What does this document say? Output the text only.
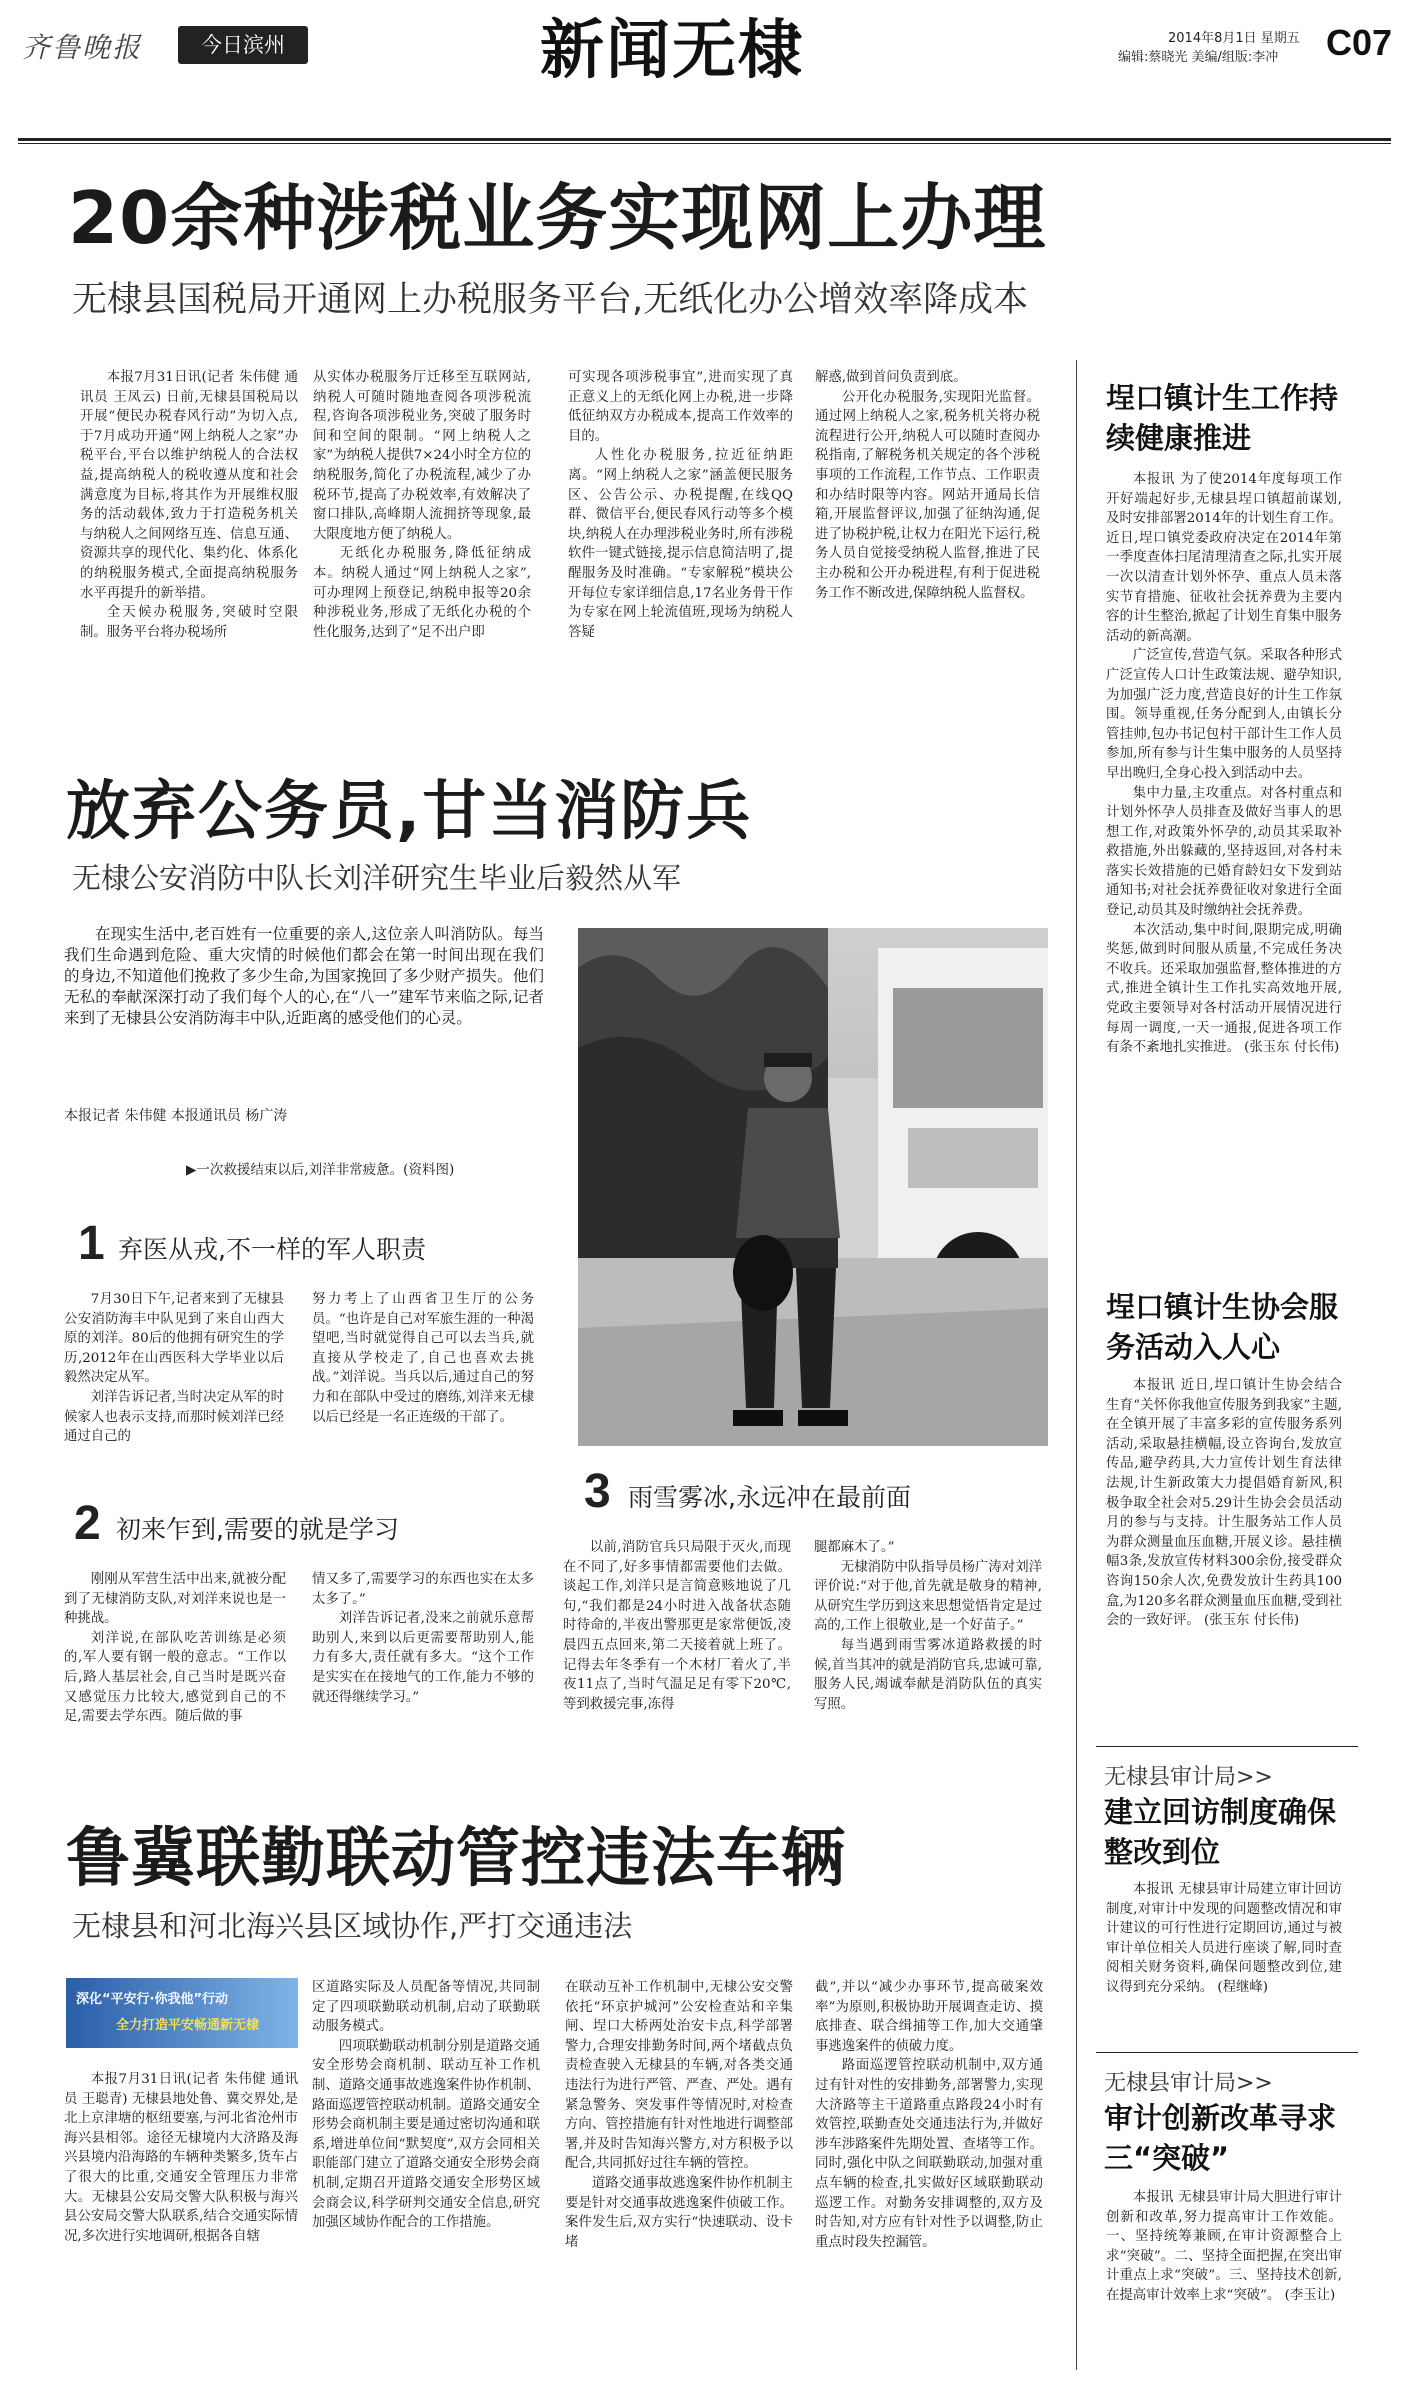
齐鲁晚报	今日滨州	新闻无棣	2014年8月1日 星期五
编辑:蔡晓光 美编/组版:李冲 C07
20余种涉税业务实现网上办理
无棣县国税局开通网上办税服务平台,无纸化办公增效率降成本

本报7月31日讯(记者 朱伟健 通讯员 王凤云) 日前,无棣县国税局以开展“便民办税春风行动”为切入点,于7月成功开通“网上纳税人之家”办税平台,平台以维护纳税人的合法权益,提高纳税人的税收遵从度和社会满意度为目标,将其作为开展维权服务的活动载体,致力于打造税务机关与纳税人之间网络互连、信息互通、资源共享的现代化、集约化、体系化的纳税服务模式,全面提高纳税服务水平再提升的新举措。

全天候办税服务,突破时空限制。服务平台将办税场所

从实体办税服务厅迁移至互联网站,纳税人可随时随地查阅各项涉税流程,咨询各项涉税业务,突破了服务时间和空间的限制。“网上纳税人之家”为纳税人提供7×24小时全方位的纳税服务,简化了办税流程,减少了办税环节,提高了办税效率,有效解决了窗口排队,高峰期人流拥挤等现象,最大限度地方便了纳税人。

无纸化办税服务,降低征纳成本。纳税人通过“网上纳税人之家”,可办理网上预登记,纳税申报等20余种涉税业务,形成了无纸化办税的个性化服务,达到了“足不出户即

可实现各项涉税事宜”,进而实现了真正意义上的无纸化网上办税,进一步降低征纳双方办税成本,提高工作效率的目的。

人性化办税服务,拉近征纳距离。“网上纳税人之家”涵盖便民服务区、公告公示、办税提醒,在线QQ群、微信平台,便民春风行动等多个模块,纳税人在办理涉税业务时,所有涉税软件一键式链接,提示信息简洁明了,提醒服务及时准确。“专家解税”模块公开每位专家详细信息,17名业务骨干作为专家在网上轮流值班,现场为纳税人答疑

解惑,做到首问负责到底。

公开化办税服务,实现阳光监督。通过网上纳税人之家,税务机关将办税流程进行公开,纳税人可以随时查阅办税指南,了解税务机关规定的各个涉税事项的工作流程,工作节点、工作职责和办结时限等内容。网站开通局长信箱,开展监督评议,加强了征纳沟通,促进了协税护税,让权力在阳光下运行,税务人员自觉接受纳税人监督,推进了民主办税和公开办税进程,有利于促进税务工作不断改进,保障纳税人监督权。

放弃公务员,甘当消防兵
无棣公安消防中队长刘洋研究生毕业后毅然从军

在现实生活中,老百姓有一位重要的亲人,这位亲人叫消防队。每当我们生命遇到危险、重大灾情的时候他们都会在第一时间出现在我们的身边,不知道他们挽救了多少生命,为国家挽回了多少财产损失。他们无私的奉献深深打动了我们每个人的心,在“八一”建军节来临之际,记者来到了无棣县公安消防海丰中队,近距离的感受他们的心灵。

本报记者 朱伟健 本报通讯员 杨广涛
▶一次救援结束以后,刘洋非常疲惫。(资料图)
1 弃医从戎,不一样的军人职责

7月30日下午,记者来到了无棣县公安消防海丰中队见到了来自山西大原的刘洋。80后的他拥有研究生的学历,2012年在山西医科大学毕业以后毅然决定从军。

刘洋告诉记者,当时决定从军的时候家人也表示支持,而那时候刘洋已经通过自己的

努力考上了山西省卫生厅的公务员。“也许是自己对军旅生涯的一种渴望吧,当时就觉得自己可以去当兵,就直接从学校走了,自己也喜欢去挑战。”刘洋说。当兵以后,通过自己的努力和在部队中受过的磨练,刘洋来无棣以后已经是一名正连级的干部了。

2 初来乍到,需要的就是学习

刚刚从军营生活中出来,就被分配到了无棣消防支队,对刘洋来说也是一种挑战。

刘洋说,在部队吃苦训练是必须的,军人要有钢一般的意志。“工作以后,路人基层社会,自己当时是既兴奋又感觉压力比较大,感觉到自己的不足,需要去学东西。随后做的事

情又多了,需要学习的东西也实在太多太多了。”

刘洋告诉记者,没来之前就乐意帮助别人,来到以后更需要帮助别人,能力有多大,责任就有多大。“这个工作是实实在在接地气的工作,能力不够的就还得继续学习。”

3 雨雪雾冰,永远冲在最前面

以前,消防官兵只局限于灭火,而现在不同了,好多事情都需要他们去做。谈起工作,刘洋只是言简意赅地说了几句,“我们都是24小时进入战备状态随时待命的,半夜出警那更是家常便饭,凌晨四五点回来,第二天接着就上班了。记得去年冬季有一个木材厂着火了,半夜11点了,当时气温足足有零下20℃,等到救援完事,冻得

腿都麻木了。”

无棣消防中队指导员杨广涛对刘洋评价说:“对于他,首先就是敬身的精神,从研究生学历到这来思想觉悟肯定是过高的,工作上很敬业,是一个好苗子。”

每当遇到雨雪雾冰道路救援的时候,首当其冲的就是消防官兵,忠诚可靠,服务人民,竭诚奉献是消防队伍的真实写照。

鲁冀联勤联动管控违法车辆
无棣县和河北海兴县区域协作,严打交通违法
深化“平安行·你我他”行动
全力打造平安畅通新无棣

本报7月31日讯(记者 朱伟健 通讯员 王聪青) 无棣县地处鲁、冀交界处,是北上京津塘的枢纽要塞,与河北省沧州市海兴县相邻。途径无棣境内大济路及海兴县境内沿海路的车辆种类繁多,货车占了很大的比重,交通安全管理压力非常大。无棣县公安局交警大队积极与海兴县公安局交警大队联系,结合交通实际情况,多次进行实地调研,根据各自辖

区道路实际及人员配备等情况,共同制定了四项联勤联动机制,启动了联勤联动服务模式。

四项联勤联动机制分别是道路交通安全形势会商机制、联动互补工作机制、道路交通事故逃逸案件协作机制、路面巡逻管控联动机制。道路交通安全形势会商机制主要是通过密切沟通和联系,增进单位间“默契度”,双方会同相关职能部门建立了道路交通安全形势会商机制,定期召开道路交通安全形势区域会商会议,科学研判交通安全信息,研究加强区域协作配合的工作措施。

在联动互补工作机制中,无棣公安交警依托“环京护城河”公安检查站和辛集闸、埕口大桥两处治安卡点,科学部署警力,合理安排勤务时间,两个堵截点负责检查驶入无棣县的车辆,对各类交通违法行为进行严管、严查、严处。遇有紧急警务、突发事件等情况时,对检查方向、管控措施有针对性地进行调整部署,并及时告知海兴警方,对方积极予以配合,共同抓好过往车辆的管控。

道路交通事故逃逸案件协作机制主要是针对交通事故逃逸案件侦破工作。案件发生后,双方实行“快速联动、设卡堵

截”,并以“减少办事环节,提高破案效率”为原则,积极协助开展调查走访、摸底排查、联合缉捕等工作,加大交通肇事逃逸案件的侦破力度。

路面巡逻管控联动机制中,双方通过有针对性的安排勤务,部署警力,实现大济路等主干道路重点路段24小时有效管控,联勤查处交通违法行为,并做好涉车涉路案件先期处置、查堵等工作。同时,强化中队之间联勤联动,加强对重点车辆的检查,扎实做好区域联勤联动巡逻工作。对勤务安排调整的,双方及时告知,对方应有针对性予以调整,防止重点时段失控漏管。

埕口镇计生工作持续健康推进

本报讯 为了使2014年度每项工作开好端起好步,无棣县埕口镇超前谋划,及时安排部署2014年的计划生育工作。近日,埕口镇党委政府决定在2014年第一季度查体扫尾清理清查之际,扎实开展一次以清查计划外怀孕、重点人员未落实节育措施、征收社会抚养费为主要内容的计生整治,掀起了计划生育集中服务活动的新高潮。

广泛宣传,营造气氛。采取各种形式广泛宣传人口计生政策法规、避孕知识,为加强广泛力度,营造良好的计生工作氛围。领导重视,任务分配到人,由镇长分管挂帅,包办书记包村干部计生工作人员参加,所有参与计生集中服务的人员坚持早出晚归,全身心投入到活动中去。

集中力量,主攻重点。对各村重点和计划外怀孕人员排查及做好当事人的思想工作,对政策外怀孕的,动员其采取补救措施,外出躲藏的,坚持返回,对各村未落实长效措施的已婚育龄妇女下发到站通知书;对社会抚养费征收对象进行全面登记,动员其及时缴纳社会抚养费。

本次活动,集中时间,限期完成,明确奖惩,做到时间服从质量,不完成任务决不收兵。还采取加强监督,整体推进的方式,推进全镇计生工作扎实高效地开展,党政主要领导对各村活动开展情况进行每周一调度,一天一通报,促进各项工作有条不紊地扎实推进。 (张玉东 付长伟)

埕口镇计生协会服务活动入人心

本报讯 近日,埕口镇计生协会结合生育“关怀你我他宣传服务到我家”主题,在全镇开展了丰富多彩的宣传服务系列活动,采取悬挂横幅,设立咨询台,发放宣传品,避孕药具,大力宣传计划生育法律法规,计生新政策大力提倡婚育新风,积极争取全社会对5.29计生协会会员活动月的参与与支持。计生服务站工作人员为群众测量血压血糖,开展义诊。悬挂横幅3条,发放宣传材料300余份,接受群众咨询150余人次,免费发放计生药具100盒,为120多名群众测量血压血糖,受到社会的一致好评。 (张玉东 付长伟)

无棣县审计局>>
建立回访制度确保整改到位

本报讯 无棣县审计局建立审计回访制度,对审计中发现的问题整改情况和审计建议的可行性进行定期回访,通过与被审计单位相关人员进行座谈了解,同时查阅相关财务资料,确保问题整改到位,建议得到充分采纳。 (程继峰)

无棣县审计局>>
审计创新改革寻求三“突破”

本报讯 无棣县审计局大胆进行审计创新和改革,努力提高审计工作效能。一、坚持统筹兼顾,在审计资源整合上求“突破”。二、坚持全面把握,在突出审计重点上求“突破”。三、坚持技术创新,在提高审计效率上求“突破”。 (李玉让)
